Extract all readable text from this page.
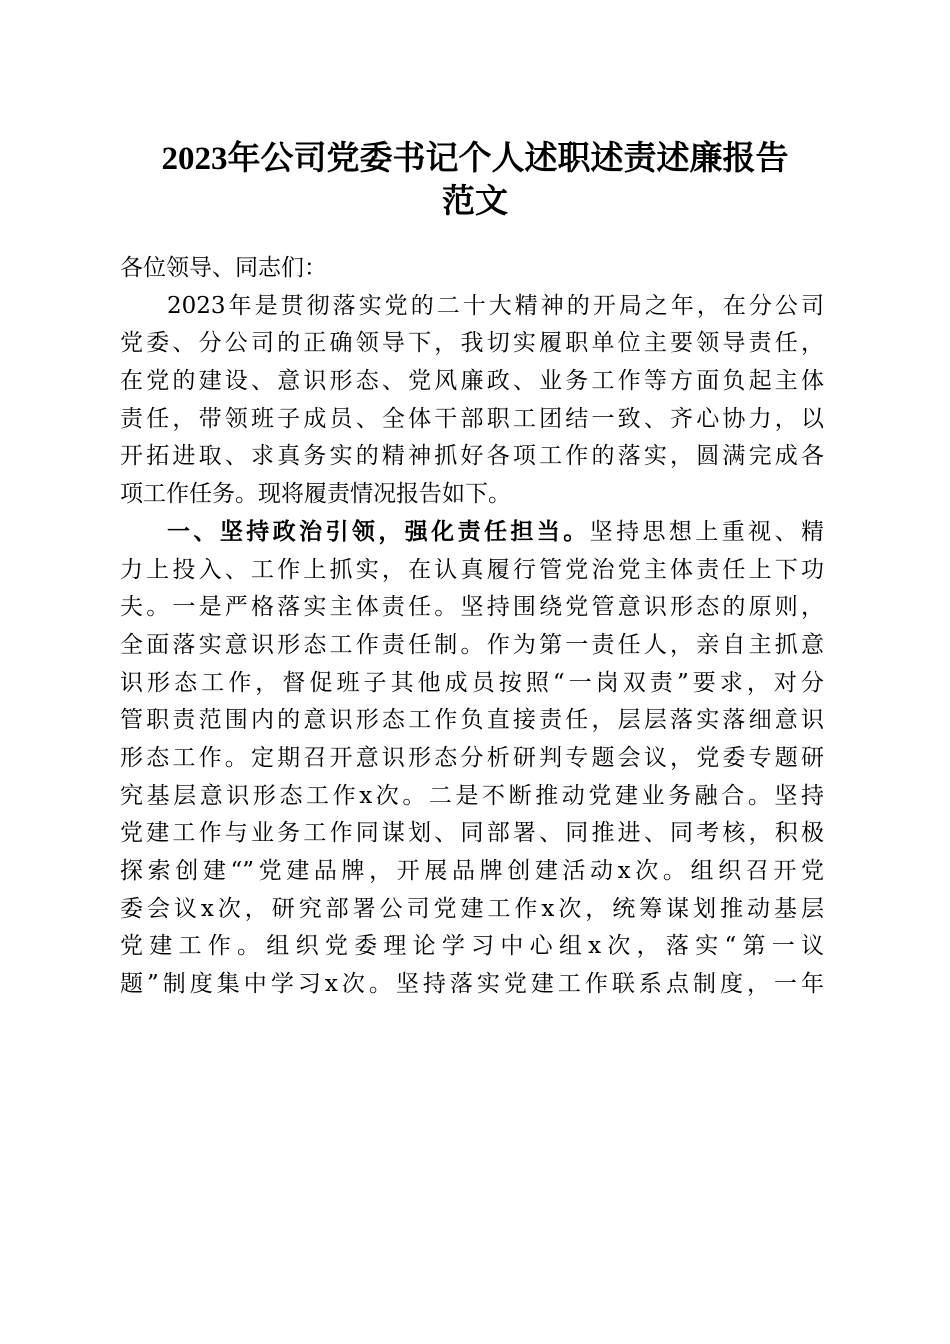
2023年公司党委书记个人述职述责述廉报告
范文
各位领导、同志们：
2023年是贯彻落实党的二十大精神的开局之年，在分公司
党委、分公司的正确领导下，我切实履职单位主要领导责任，
在党的建设、意识形态、党风廉政、业务工作等方面负起主体
责任，带领班子成员、全体干部职工团结一致、齐心协力，以
开拓进取、求真务实的精神抓好各项工作的落实，圆满完成各
项工作任务。现将履责情况报告如下。
一、坚持政治引领，强化责任担当。坚持思想上重视、精
力上投入、工作上抓实，在认真履行管党治党主体责任上下功
夫。一是严格落实主体责任。坚持围绕党管意识形态的原则，
全面落实意识形态工作责任制。作为第一责任人，亲自主抓意
识形态工作，督促班子其他成员按照“一岗双责”要求，对分
管职责范围内的意识形态工作负直接责任，层层落实落细意识
形态工作。定期召开意识形态分析研判专题会议，党委专题研
究基层意识形态工作x次。二是不断推动党建业务融合。坚持
党建工作与业务工作同谋划、同部署、同推进、同考核，积极
探索创建“”党建品牌，开展品牌创建活动x次。组织召开党
委会议x次，研究部署公司党建工作x次，统筹谋划推动基层
党建工作。组织党委理论学习中心组x次，落实“第一议
题”制度集中学习x次。坚持落实党建工作联系点制度，一年
